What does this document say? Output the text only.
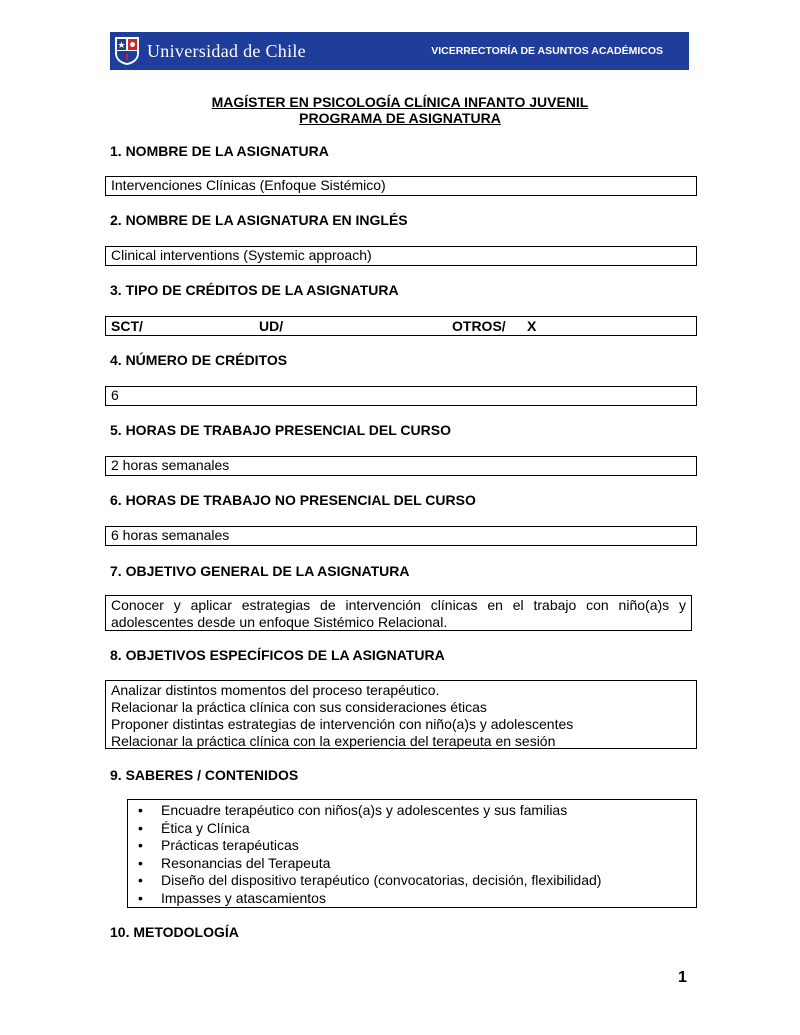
Universidad de Chile	VICERRECTORÍA DE ASUNTOS ACADÉMICOS
MAGÍSTER EN PSICOLOGÍA CLÍNICA INFANTO JUVENIL
PROGRAMA DE ASIGNATURA
1. NOMBRE DE LA ASIGNATURA
Intervenciones Clínicas (Enfoque Sistémico)
2. NOMBRE DE LA ASIGNATURA EN INGLÉS
Clinical interventions (Systemic approach)
3. TIPO DE CRÉDITOS DE LA ASIGNATURA
SCT/	UD/	OTROS/ X
4. NÚMERO DE CRÉDITOS
6
5. HORAS DE TRABAJO PRESENCIAL DEL CURSO
2 horas semanales
6. HORAS DE TRABAJO NO PRESENCIAL DEL CURSO
6 horas semanales
7. OBJETIVO GENERAL DE LA ASIGNATURA
Conocer y aplicar estrategias de intervención clínicas en el trabajo con niño(a)s y adolescentes desde un enfoque Sistémico Relacional.
8. OBJETIVOS ESPECÍFICOS DE LA ASIGNATURA
Analizar distintos momentos del proceso terapéutico.
Relacionar la práctica clínica con sus consideraciones éticas
Proponer distintas estrategias de intervención con niño(a)s y adolescentes
Relacionar la práctica clínica con la experiencia del terapeuta en sesión
9. SABERES / CONTENIDOS
• Encuadre terapéutico con niños(a)s y adolescentes y sus familias
• Ética y Clínica
• Prácticas terapéuticas
• Resonancias del Terapeuta
• Diseño del dispositivo terapéutico (convocatorias, decisión, flexibilidad)
• Impasses y atascamientos
10. METODOLOGÍA
1
